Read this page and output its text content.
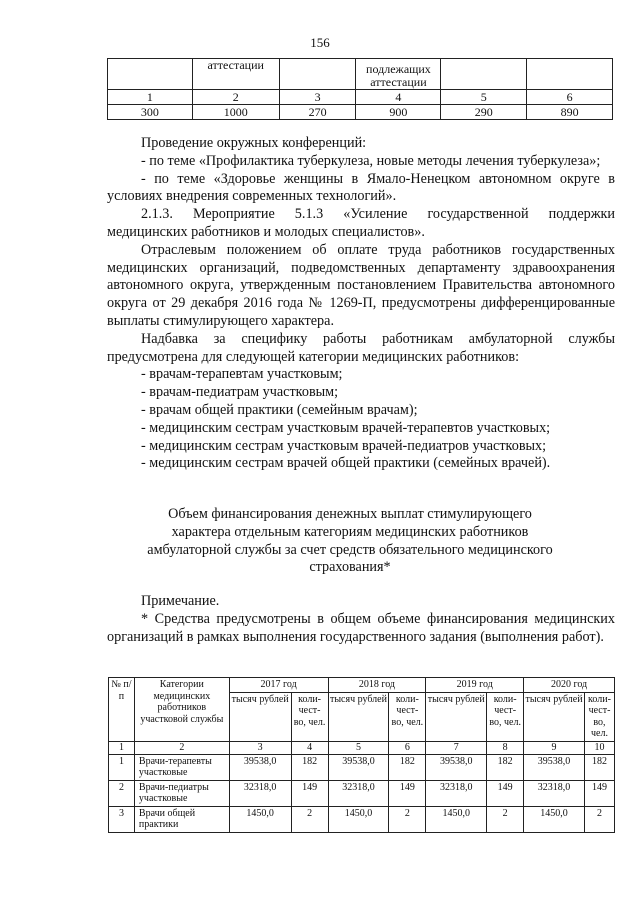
156
	аттестации		подлежащих аттестации		
1	2	3	4	5	6
300	1000	270	900	290	890

Проведение окружных конференций:

- по теме «Профилактика туберкулеза, новые методы лечения туберкулеза»;

- по теме «Здоровье женщины в Ямало-Ненецком автономном округе в условиях внедрения современных технологий».

2.1.3. Мероприятие 5.1.3 «Усиление государственной поддержки медицинских работников и молодых специалистов».

Отраслевым положением об оплате труда работников государственных медицинских организаций, подведомственных департаменту здравоохранения автономного округа, утвержденным постановлением Правительства автономного округа от 29 декабря 2016 года № 1269-П, предусмотрены дифференцированные выплаты стимулирующего характера.

Надбавка за специфику работы работникам амбулаторной службы предусмотрена для следующей категории медицинских работников:

- врачам-терапевтам участковым;

- врачам-педиатрам участковым;

- врачам общей практики (семейным врачам);

- медицинским сестрам участковым врачей-терапевтов участковых;

- медицинским сестрам участковым врачей-педиатров участковых;

- медицинским сестрам врачей общей практики (семейных врачей).

Объем финансирования денежных выплат стимулирующего характера отдельным категориям медицинских работников амбулаторной службы за счет средств обязательного медицинского страхования*

Примечание.

* Средства предусмотрены в общем объеме финансирования медицинских организаций в рамках выполнения государственного задания (выполнения работ).

№ п/п	Категории медицинских работников участковой службы	2017 год		2018 год		2019 год		2020 год	
		тысяч рублей	коли-чест-во, чел.	тысяч рублей	коли-чест-во, чел.	тысяч рублей	коли-чест-во, чел.	тысяч рублей	коли-чест-во, чел.
1	2	3	4	5	6	7	8	9	10
1	Врачи-терапевты участковые	39538,0	182	39538,0	182	39538,0	182	39538,0	182
2	Врачи-педиатры участковые	32318,0	149	32318,0	149	32318,0	149	32318,0	149
3	Врачи общей практики	1450,0	2	1450,0	2	1450,0	2	1450,0	2
